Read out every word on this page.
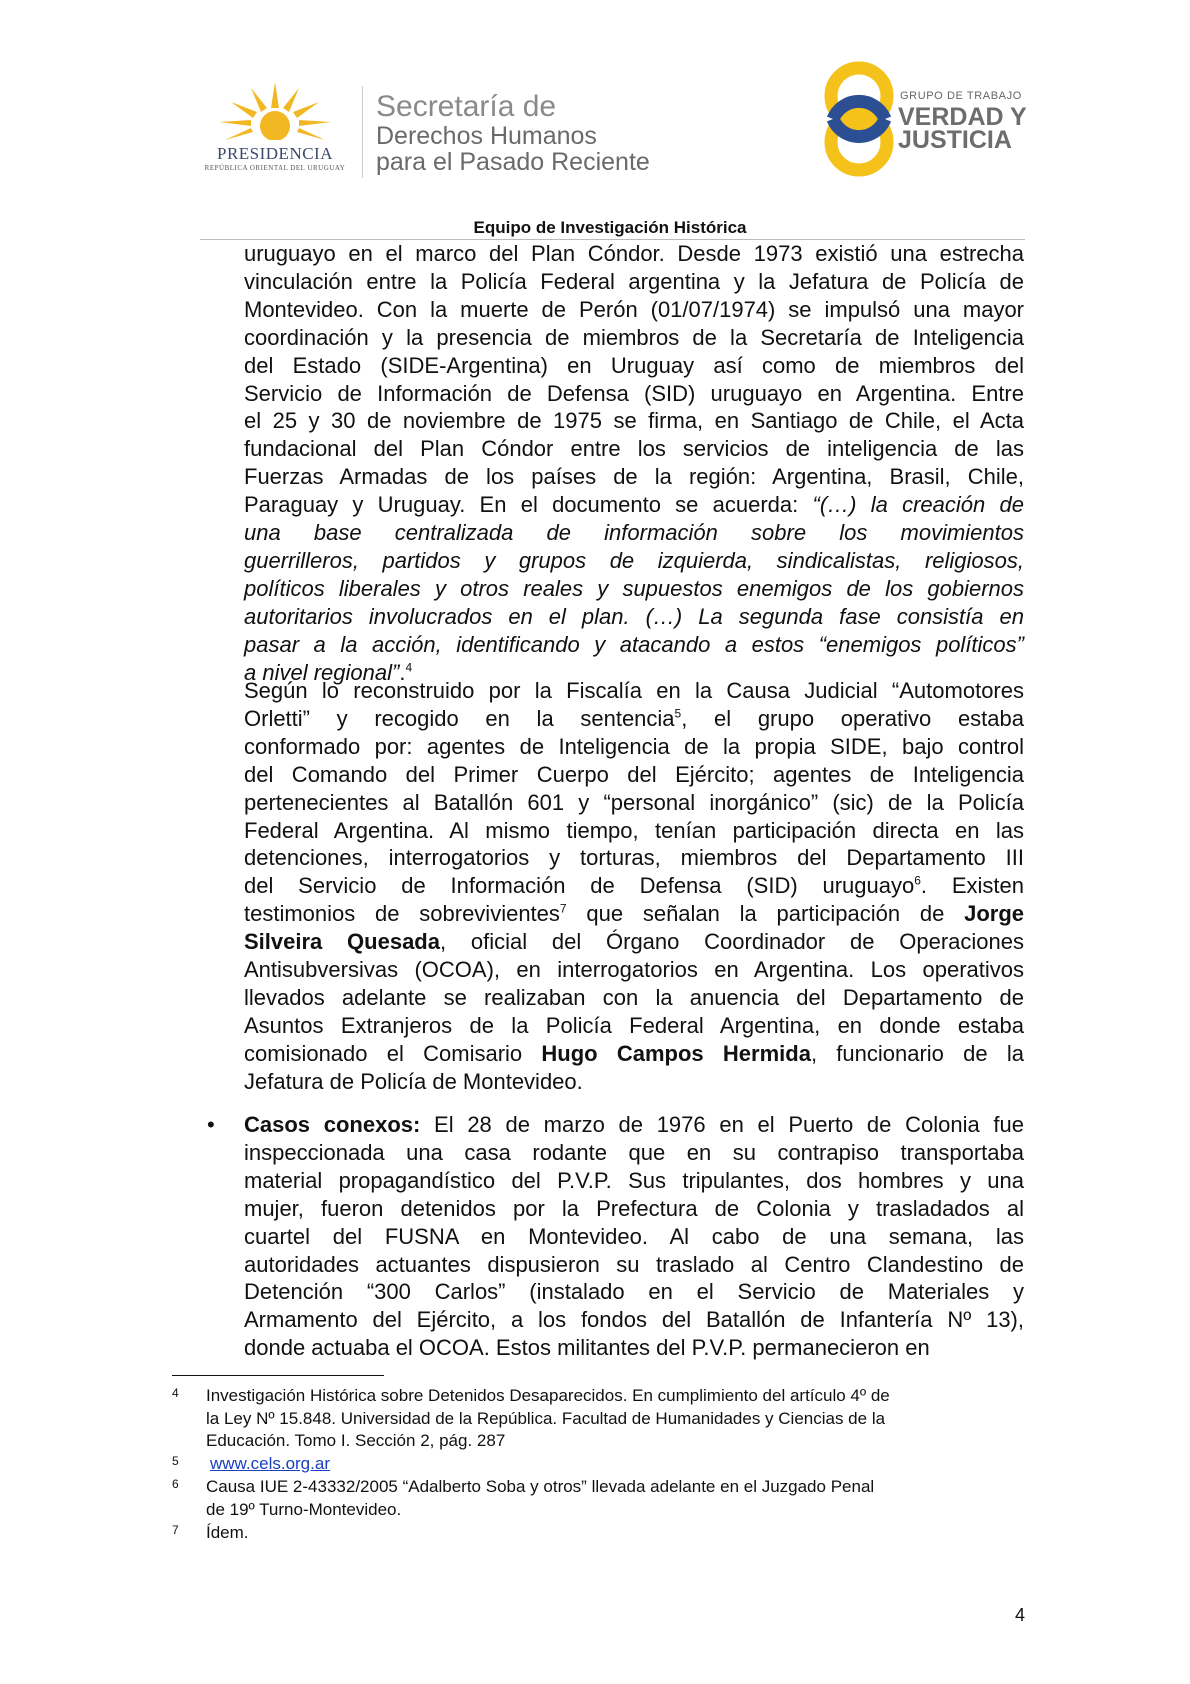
PRESIDENCIA
REPÚBLICA ORIENTAL DEL URUGUAY
Secretaría de
Derechos Humanos
para el Pasado Reciente
GRUPO DE TRABAJO
VERDAD Y
JUSTICIA
Equipo de Investigación Histórica
uruguayo en el marco del Plan Cóndor. Desde 1973 existió una estrecha
vinculación entre la Policía Federal argentina y la Jefatura de Policía de
Montevideo. Con la muerte de Perón (01/07/1974) se impulsó una mayor
coordinación y la presencia de miembros de la Secretaría de Inteligencia
del Estado (SIDE-Argentina) en Uruguay así como de miembros del
Servicio de Información de Defensa (SID) uruguayo en Argentina. Entre
el 25 y 30 de noviembre de 1975 se firma, en Santiago de Chile, el Acta
fundacional del Plan Cóndor entre los servicios de inteligencia de las
Fuerzas Armadas de los países de la región: Argentina, Brasil, Chile,
Paraguay y Uruguay. En el documento se acuerda: “(…) la creación de
una base centralizada de información sobre los movimientos
guerrilleros, partidos y grupos de izquierda, sindicalistas, religiosos,
políticos liberales y otros reales y supuestos enemigos de los gobiernos
autoritarios involucrados en el plan. (…) La segunda fase consistía en
pasar a la acción, identificando y atacando a estos “enemigos políticos”
a nivel regional”.$^4$
Según lo reconstruido por la Fiscalía en la Causa Judicial “Automotores
Orletti” y recogido en la sentencia$^5$, el grupo operativo estaba
conformado por: agentes de Inteligencia de la propia SIDE, bajo control
del Comando del Primer Cuerpo del Ejército; agentes de Inteligencia
pertenecientes al Batallón 601 y “personal inorgánico” (sic) de la Policía
Federal Argentina. Al mismo tiempo, tenían participación directa en las
detenciones, interrogatorios y torturas, miembros del Departamento III
del Servicio de Información de Defensa (SID) uruguayo$^6$. Existen
testimonios de sobrevivientes$^7$ que señalan la participación de Jorge
Silveira Quesada, oficial del Órgano Coordinador de Operaciones
Antisubversivas (OCOA), en interrogatorios en Argentina. Los operativos
llevados adelante se realizaban con la anuencia del Departamento de
Asuntos Extranjeros de la Policía Federal Argentina, en donde estaba
comisionado el Comisario Hugo Campos Hermida, funcionario de la
Jefatura de Policía de Montevideo.
• Casos conexos: El 28 de marzo de 1976 en el Puerto de Colonia fue
inspeccionada una casa rodante que en su contrapiso transportaba
material propagandístico del P.V.P. Sus tripulantes, dos hombres y una
mujer, fueron detenidos por la Prefectura de Colonia y trasladados al
cuartel del FUSNA en Montevideo. Al cabo de una semana, las
autoridades actuantes dispusieron su traslado al Centro Clandestino de
Detención “300 Carlos” (instalado en el Servicio de Materiales y
Armamento del Ejército, a los fondos del Batallón de Infantería Nº 13),
donde actuaba el OCOA. Estos militantes del P.V.P. permanecieron en
4 Investigación Histórica sobre Detenidos Desaparecidos. En cumplimiento del artículo 4º de
la Ley Nº 15.848. Universidad de la República. Facultad de Humanidades y Ciencias de la
Educación. Tomo I. Sección 2, pág. 287
5 www.cels.org.ar
6 Causa IUE 2-43332/2005 “Adalberto Soba y otros” llevada adelante en el Juzgado Penal
de 19º Turno-Montevideo.
7 Ídem.
4
